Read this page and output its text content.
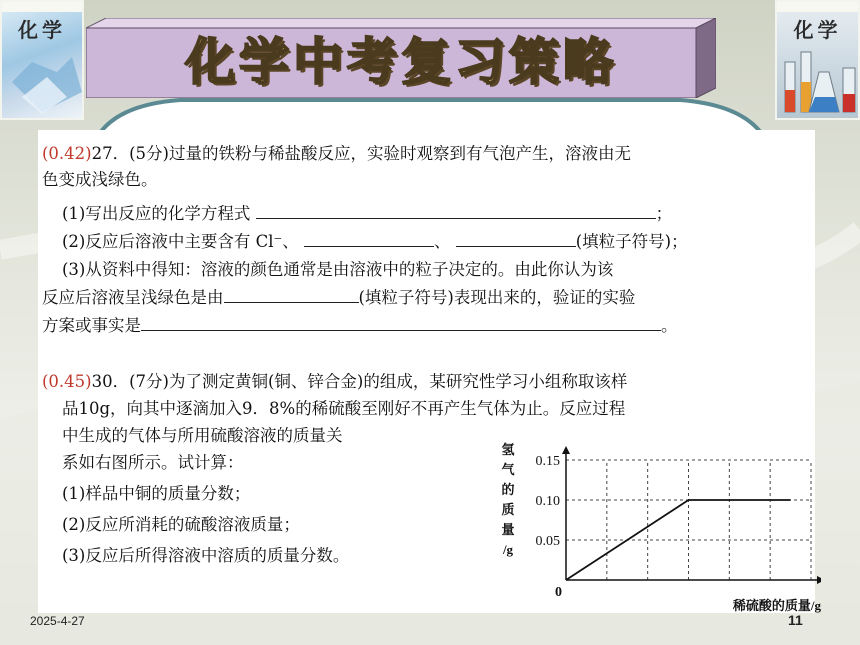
化学	化学
化学中考复习策略
(0.42)27．(5分)过量的铁粉与稀盐酸反应，实验时观察到有气泡产生，溶液由无
色变成浅绿色。
(1)写出反应的化学方程式	；
(2)反应后溶液中主要含有 Cl⁻、	、	(填粒子符号)；
(3)从资料中得知：溶液的颜色通常是由溶液中的粒子决定的。由此你认为该
反应后溶液呈浅绿色是由	(填粒子符号)表现出来的，验证的实验
方案或事实是	。
(0.45)30．(7分)为了测定黄铜(铜、锌合金)的组成，某研究性学习小组称取该样
品10g，向其中逐滴加入9．8%的稀硫酸至刚好不再产生气体为止。反应过程
中生成的气体与所用硫酸溶液的质量关
系如右图所示。试计算：
(1)样品中铜的质量分数；
(2)反应所消耗的硫酸溶液质量；
(3)反应后所得溶液中溶质的质量分数。
0.15
0.10
0.05
0
氢
气
的
质
量
/g
稀硫酸的质量/g
2025-4-27	11
